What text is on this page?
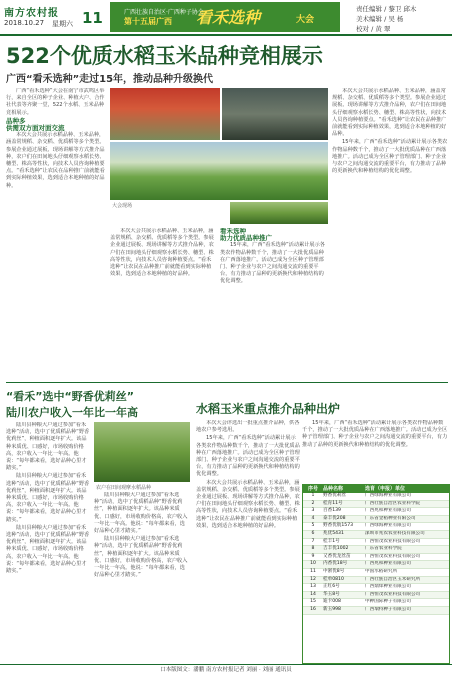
南方农村报
2018.10.27 星期六 11	广西壮族自治区·广西种子协会
第十五届广西 看禾选种	大会
责任编辑 / 黎卫 邱木
美术编辑 / 吴 杨
校对 / 黄 翠
522个优质水稻玉米品种竞相展示
广西“看禾选种”走过15年，推动品种升级换代

广西“看禾选种”大会在南宁市武鸣区举行，来自全区的种子企业、种植大户、合作社代表等齐聚一堂，522个水稻、玉米品种竞相展示。

品种多
供需双方面对面交流

本次大会共展示水稻品种、玉米品种，涵盖常规稻、杂交稻、优质稻等多个类型。参展企业通过展板、现场讲解等方式推介品种，农户们在田间地头仔细观察水稻长势、穗型、株高等性状，向技术人员咨询种植要点。“看禾选种”让农民在品种推广前就能看到实际种植效果，选到适合本地种植的好品种。

大会现场

本次大会共展示水稻品种、玉米品种，涵盖常规稻、杂交稻、优质稻等多个类型。参展企业通过展板、现场讲解等方式推介品种，农户们在田间地头仔细观察水稻长势、穗型、株高等性状，向技术人员咨询种植要点。“看禾选种”让农民在品种推广前就能看到实际种植效果，选到适合本地种植的好品种。

15年来，广西“看禾选种”活动累计展示各类农作物品种数千个，推动了一大批优质品种在广西落地推广。活动已成为全区种子管理部门、种子企业与农户之间沟通交流的重要平台，有力推动了品种的更新换代和种植结构的优化调整。

本次大会共展示水稻品种、玉米品种，涵盖常规稻、杂交稻、优质稻等多个类型。参展企业通过展板、现场讲解等方式推介品种，农户们在田间地头仔细观察水稻长势、穗型、株高等性状，向技术人员咨询种植要点。“看禾选种”让农民在品种推广前就能看到实际种植效果，选到适合本地种植的好品种。

看禾选种
助力优质品种推广

15年来，广西“看禾选种”活动累计展示各类农作物品种数千个，推动了一大批优质品种在广西落地推广。活动已成为全区种子管理部门、种子企业与农户之间沟通交流的重要平台，有力推动了品种的更新换代和种植结构的优化调整。

“看禾”选中“野香优莉丝”
陆川农户收入一年比一年高

陆川县种粮大户通过参加“看禾选种”活动，选中了优质稻品种“野香优莉丝”，种植面积逐年扩大。该品种米质优、口感好，市场收购价格高，农户收入一年比一年高。他说：“每年都来看，选好品种心里才踏实。”

陆川县种粮大户通过参加“看禾选种”活动，选中了优质稻品种“野香优莉丝”，种植面积逐年扩大。该品种米质优、口感好，市场收购价格高，农户收入一年比一年高。他说：“每年都来看，选好品种心里才踏实。”

陆川县种粮大户通过参加“看禾选种”活动，选中了优质稻品种“野香优莉丝”，种植面积逐年扩大。该品种米质优、口感好，市场收购价格高，农户收入一年比一年高。他说：“每年都来看，选好品种心里才踏实。”

农户在田间观摩水稻品种

陆川县种粮大户通过参加“看禾选种”活动，选中了优质稻品种“野香优莉丝”，种植面积逐年扩大。该品种米质优、口感好，市场收购价格高，农户收入一年比一年高。他说：“每年都来看，选好品种心里才踏实。”

陆川县种粮大户通过参加“看禾选种”活动，选中了优质稻品种“野香优莉丝”，种植面积逐年扩大。该品种米质优、口感好，市场收购价格高，农户收入一年比一年高。他说：“每年都来看，选好品种心里才踏实。”

水稻玉米重点推介品种出炉

本次大会评选出一批重点推介品种，供各地农户参考选用。

15年来，广西“看禾选种”活动累计展示各类农作物品种数千个，推动了一大批优质品种在广西落地推广。活动已成为全区种子管理部门、种子企业与农户之间沟通交流的重要平台，有力推动了品种的更新换代和种植结构的优化调整。

本次大会共展示水稻品种、玉米品种，涵盖常规稻、杂交稻、优质稻等多个类型。参展企业通过展板、现场讲解等方式推介品种，农户们在田间地头仔细观察水稻长势、穗型、株高等性状，向技术人员咨询种植要点。“看禾选种”让农民在品种推广前就能看到实际种植效果，选到适合本地种植的好品种。

15年来，广西“看禾选种”活动累计展示各类农作物品种数千个，推动了一大批优质品种在广西落地推广。活动已成为全区种子管理部门、种子企业与农户之间沟通交流的重要平台，有力推动了品种的更新换代和种植结构的优化调整。

序号	品种名称	选育（申报）单位
1	野香优莉丝	广西绿海种业有限公司
2	桂育11号	广西壮族自治区农业科学院
3	百香139	广西兆和种业有限公司
4	泰丰优208	广东省金稻种业有限公司
5	野香优航1573	广西绿海种业有限公司
6	兆优5431	深圳市兆农农业科技有限公司
7	桂丰1号	广西恒茂农业科技有限公司
8	吉丰优1002	广东省农业科学院
9	又香优龙丝苗	广西恒茂农业科技有限公司
10	内香优18号	广西兆和种业有限公司
11	中浙优8号	中国水稻研究所
12	桂单0810	广西壮族自治区玉米研究所
13	正红6号	广西鼎烽种业有限公司
14	华玉8号	广西恒茂农业科技有限公司
15	迪卡008	中种国际种子有限公司
16	新玉998	广西瑞特种子有限公司
口本版图文：潘鹏 南方农村报记者 刘丽 · 刘丽 通讯员
